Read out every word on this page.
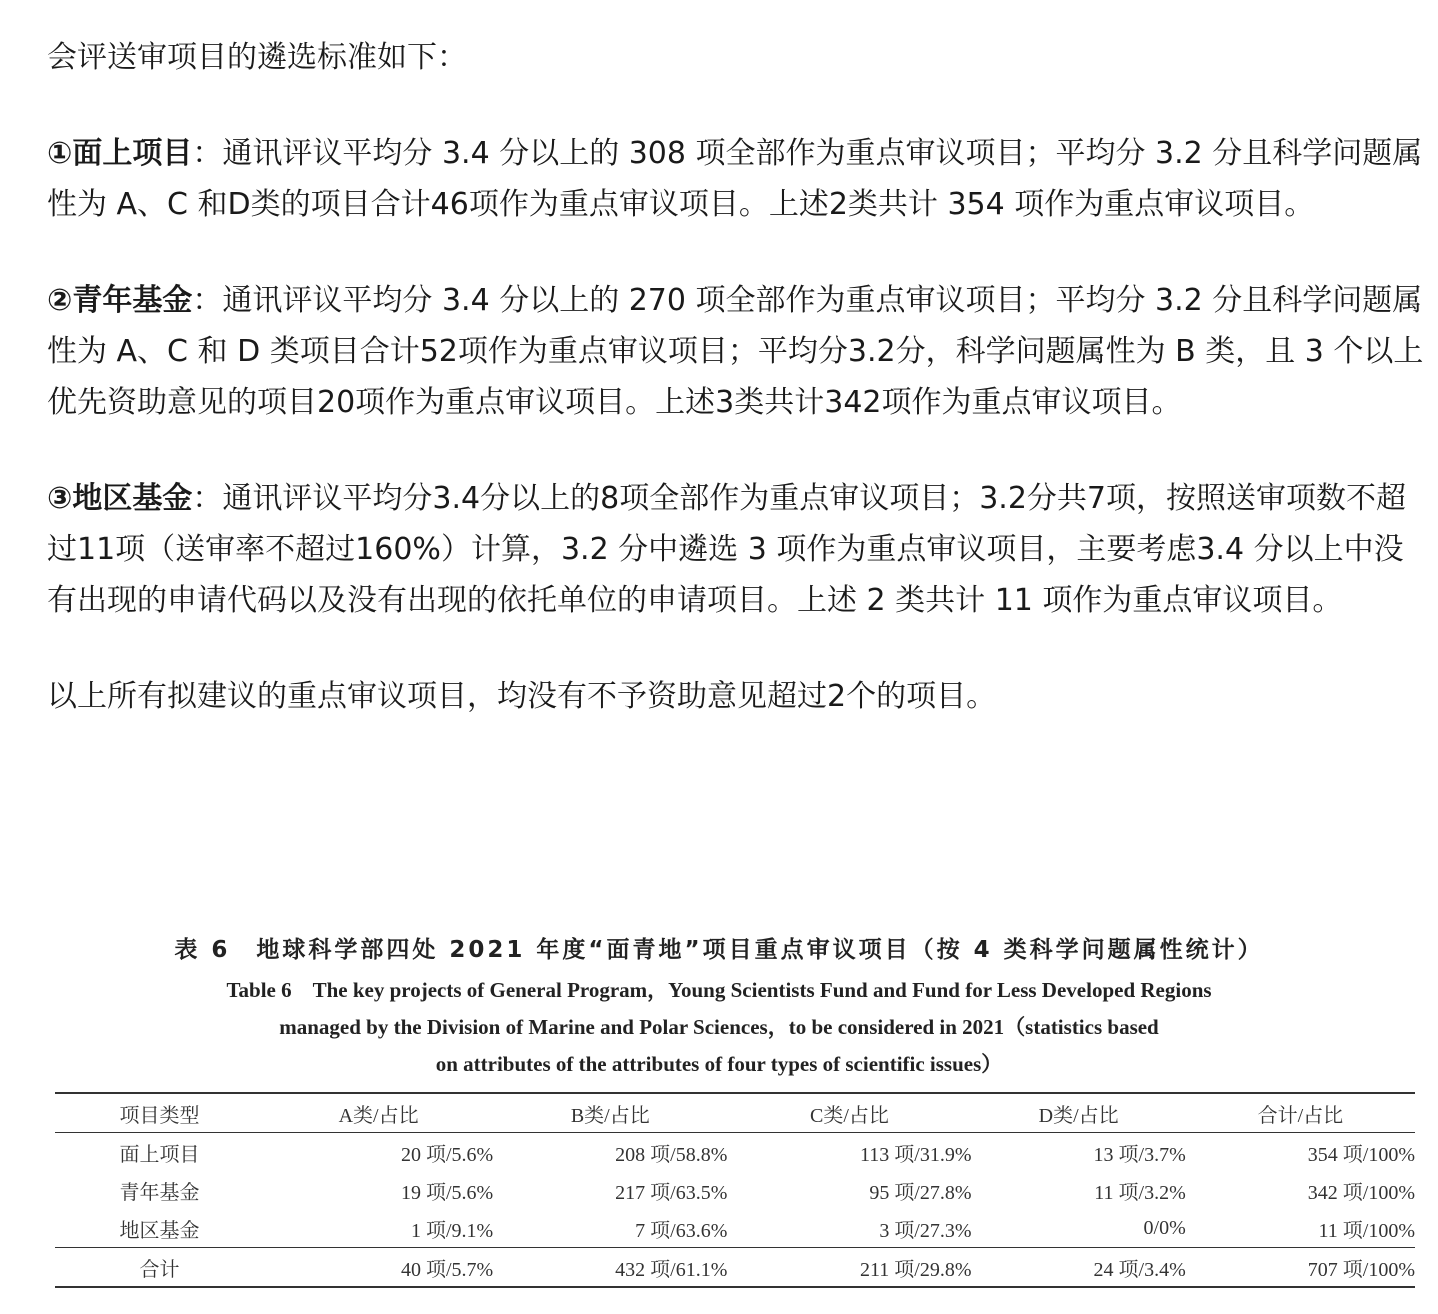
会评送审项目的遴选标准如下：

①面上项目：通讯评议平均分 3.4 分以上的 308 项全部作为重点审议项目；平均分 3.2 分且科学问题属性为 A、C 和D类的项目合计46项作为重点审议项目。上述2类共计 354 项作为重点审议项目。

②青年基金：通讯评议平均分 3.4 分以上的 270 项全部作为重点审议项目；平均分 3.2 分且科学问题属性为 A、C 和 D 类项目合计52项作为重点审议项目；平均分3.2分，科学问题属性为 B 类，且 3 个以上优先资助意见的项目20项作为重点审议项目。上述3类共计342项作为重点审议项目。

③地区基金：通讯评议平均分3.4分以上的8项全部作为重点审议项目；3.2分共7项，按照送审项数不超过11项（送审率不超过160%）计算，3.2 分中遴选 3 项作为重点审议项目，主要考虑3.4 分以上中没有出现的申请代码以及没有出现的依托单位的申请项目。上述 2 类共计 11 项作为重点审议项目。

以上所有拟建议的重点审议项目，均没有不予资助意见超过2个的项目。

表 6　地球科学部四处 2021 年度“面青地”项目重点审议项目（按 4 类科学问题属性统计）

Table 6　The key projects of General Program，Young Scientists Fund and Fund for Less Developed Regions
managed by the Division of Marine and Polar Sciences，to be considered in 2021（statistics based
on attributes of the attributes of four types of scientific issues）
项目类型	A类/占比	B类/占比	C类/占比	D类/占比	合计/占比
面上项目	20 项/5.6%	208 项/58.8%	113 项/31.9%	13 项/3.7%	354 项/100%
青年基金	19 项/5.6%	217 项/63.5%	95 项/27.8%	11 项/3.2%	342 项/100%
地区基金	1 项/9.1%	7 项/63.6%	3 项/27.3%	0/0%	11 项/100%
合计	40 项/5.7%	432 项/61.1%	211 项/29.8%	24 项/3.4%	707 项/100%
